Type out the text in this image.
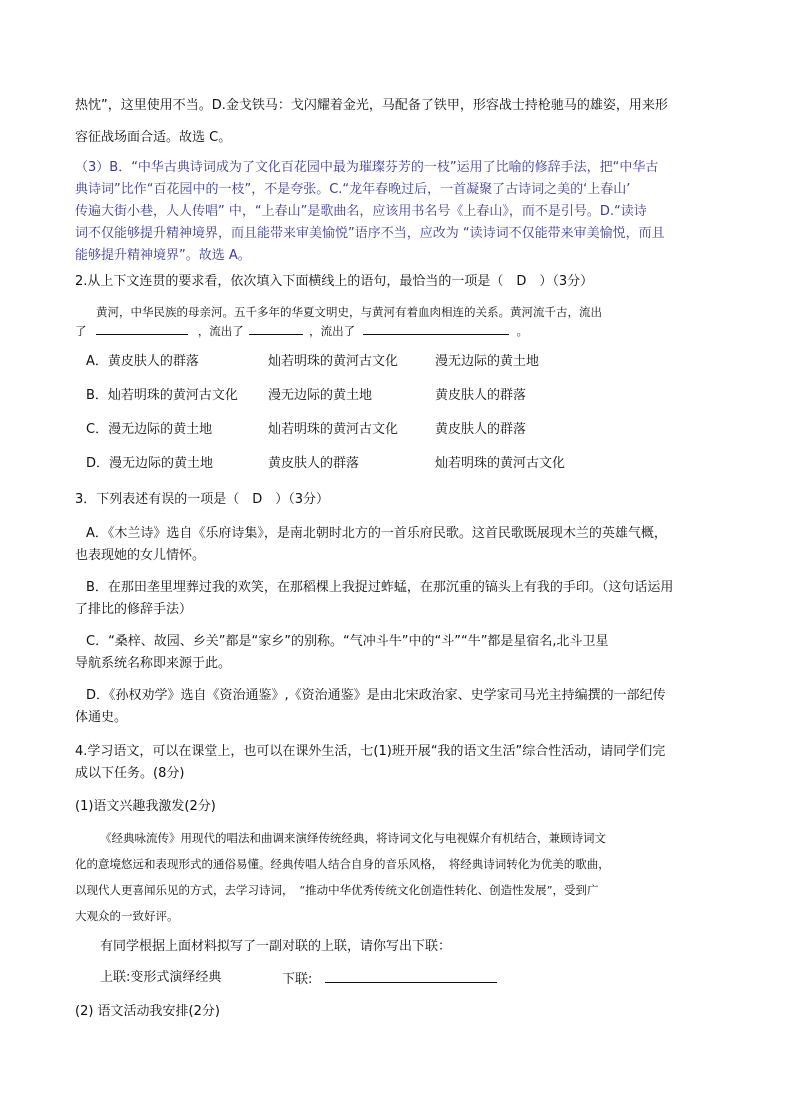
热忱”，这里使用不当。D.金戈铁马：戈闪耀着金光，马配备了铁甲，形容战士持枪驰马的雄姿，用来形
容征战场面合适。故选 C。
（3）B．“中华古典诗词成为了文化百花园中最为璀璨芬芳的一枝”运用了比喻的修辞手法，把“中华古
典诗词”比作“百花园中的一枝”，不是夸张。C.“龙年春晚过后，一首凝聚了古诗词之美的‘上春山’
传遍大街小巷，人人传唱” 中，“上春山”是歌曲名，应该用书名号《上春山》，而不是引号。D.“读诗
词不仅能够提升精神境界，而且能带来审美愉悦”语序不当，应改为 “读诗词不仅能带来审美愉悦，而且
能够提升精神境界”。故选 A。
2.从上下文连贯的要求看，依次填入下面横线上的语句，最恰当的一项是（　D　）（3分）
黄河，中华民族的母亲河。五千多年的华夏文明史，与黄河有着血肉相连的关系。黄河流千古，流出
了	，流出了	，流出了	。
A．黄皮肤人的群落	灿若明珠的黄河古文化	漫无边际的黄土地
B．灿若明珠的黄河古文化 漫无边际的黄土地	黄皮肤人的群落
C．漫无边际的黄土地	灿若明珠的黄河古文化	黄皮肤人的群落
D．漫无边际的黄土地	黄皮肤人的群落	灿若明珠的黄河古文化
3．下列表述有误的一项是（　D　）（3分）
A．《木兰诗》选自《乐府诗集》，是南北朝时北方的一首乐府民歌。这首民歌既展现木兰的英雄气概，
也表现她的女儿情怀。
B．在那田垄里埋葬过我的欢笑，在那稻棵上我捉过蚱蜢，在那沉重的镐头上有我的手印。（这句话运用
了排比的修辞手法）
C．“桑梓、故园、乡关”都是“家乡”的别称。“气冲斗牛”中的“斗”“牛”都是星宿名,北斗卫星
导航系统名称即来源于此。
D．《孙权劝学》选自《资治通鉴》,《资治通鉴》是由北宋政治家、史学家司马光主持编撰的一部纪传
体通史。
4.学习语文，可以在课堂上，也可以在课外生活，七(1)班开展“我的语文生活”综合性活动，请同学们完
成以下任务。(8分)
(1)语文兴趣我激发(2分)
《经典咏流传》用现代的唱法和曲调来演绎传统经典，将诗词文化与电视媒介有机结合，兼顾诗词文
化的意境悠远和表现形式的通俗易懂。经典传唱人结合自身的音乐风格，　将经典诗词转化为优美的歌曲，
以现代人更喜闻乐见的方式，去学习诗词，　“推动中华优秀传统文化创造性转化、创造性发展”，受到广
大观众的一致好评。
有同学根据上面材料拟写了一副对联的上联，请你写出下联：
上联:变形式演绎经典	下联:
(2) 语文活动我安排(2分)
